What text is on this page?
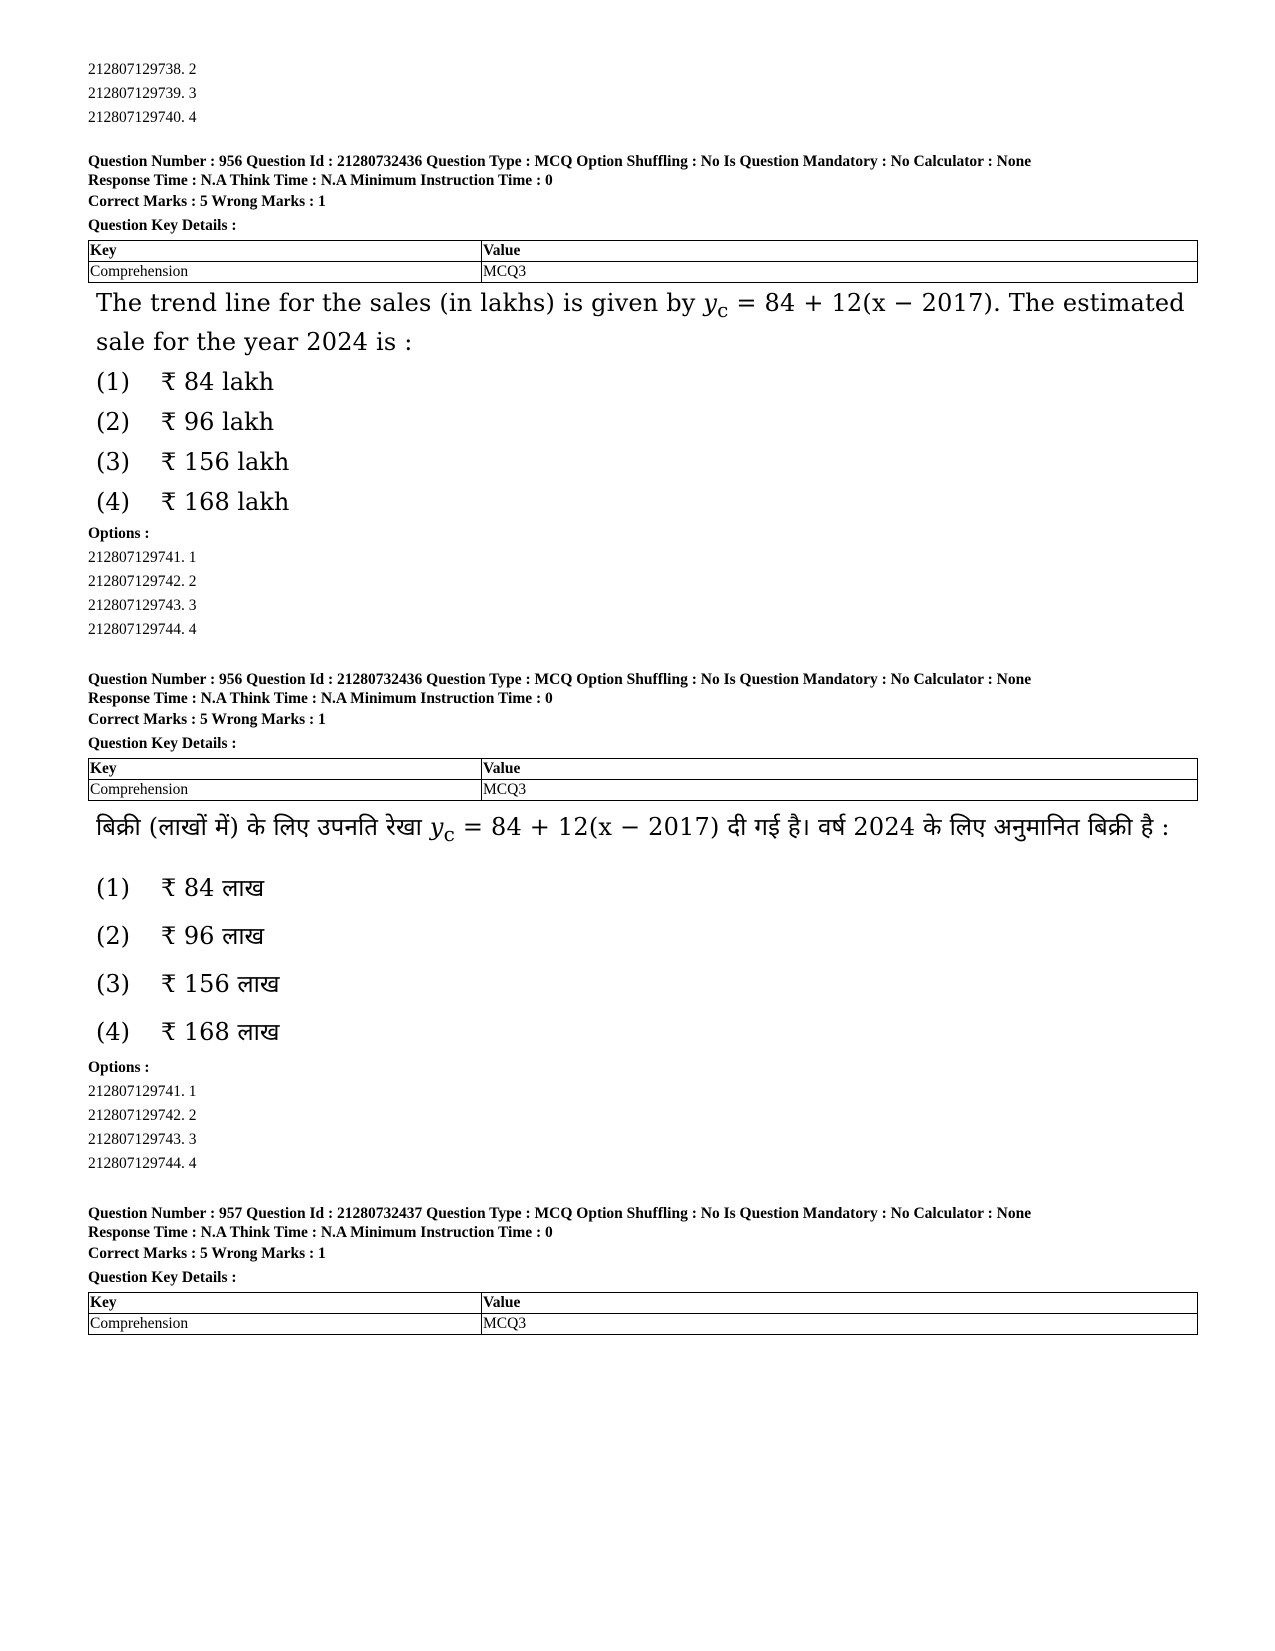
212807129738. 2
212807129739. 3
212807129740. 4
Question Number : 956 Question Id : 21280732436 Question Type : MCQ Option Shuffling : No Is Question Mandatory : No Calculator : None
Response Time : N.A Think Time : N.A Minimum Instruction Time : 0
Correct Marks : 5 Wrong Marks : 1
Question Key Details :
Key	Value
Comprehension	MCQ3
The trend line for the sales (in lakhs) is given by $y_c = 84 + 12(x - 2017)$. The estimated sale for the year 2024 is :
(1)	₹ 84 lakh
(2)	₹ 96 lakh
(3)	₹ 156 lakh
(4)	₹ 168 lakh
Options :
212807129741. 1
212807129742. 2
212807129743. 3
212807129744. 4
Question Number : 956 Question Id : 21280732436 Question Type : MCQ Option Shuffling : No Is Question Mandatory : No Calculator : None
Response Time : N.A Think Time : N.A Minimum Instruction Time : 0
Correct Marks : 5 Wrong Marks : 1
Question Key Details :
Key	Value
Comprehension	MCQ3
बिक्री (लाखों में) के लिए उपनति रेखा $y_c = 84 + 12(x - 2017)$ दी गई है। वर्ष 2024 के लिए अनुमानित बिक्री है :
(1)	₹ 84 लाख
(2)	₹ 96 लाख
(3)	₹ 156 लाख
(4)	₹ 168 लाख
Options :
212807129741. 1
212807129742. 2
212807129743. 3
212807129744. 4
Question Number : 957 Question Id : 21280732437 Question Type : MCQ Option Shuffling : No Is Question Mandatory : No Calculator : None
Response Time : N.A Think Time : N.A Minimum Instruction Time : 0
Correct Marks : 5 Wrong Marks : 1
Question Key Details :
Key	Value
Comprehension	MCQ3
